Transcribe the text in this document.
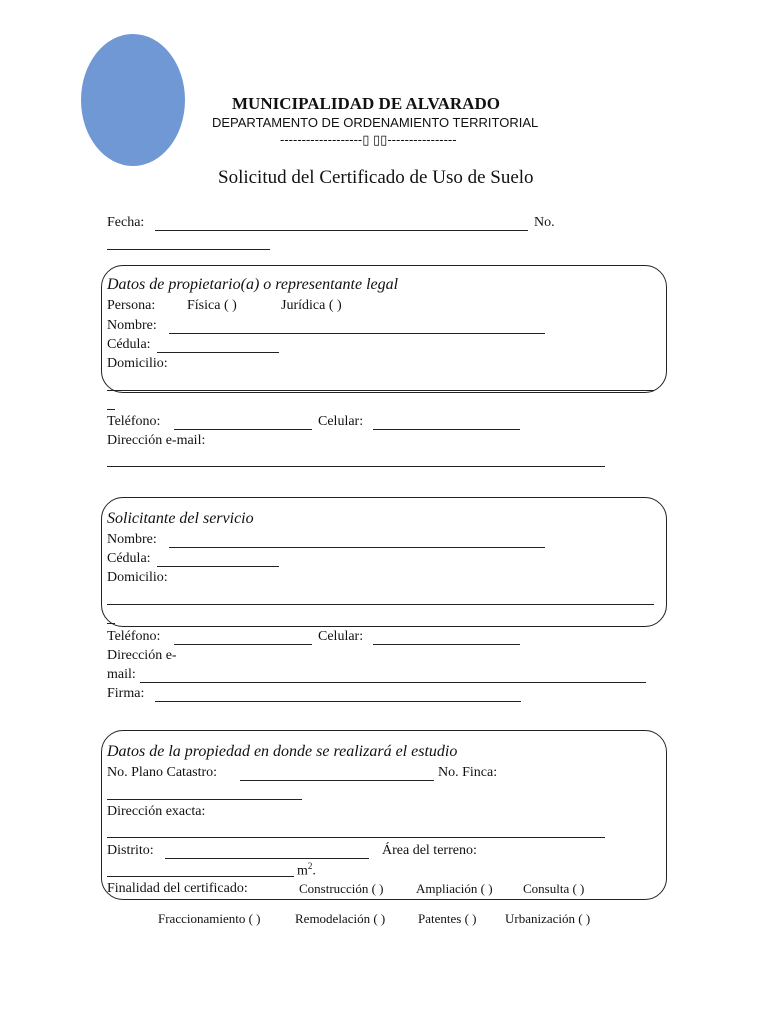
MUNICIPALIDAD DE ALVARADO
DEPARTAMENTO DE ORDENAMIENTO TERRITORIAL
-------------------▯ ▯▯----------------
Solicitud del Certificado de Uso de Suelo
Fecha:	No.
Datos de propietario(a) o representante legal
Persona: Física ( )	Jurídica ( )
Nombre:
Cédula:
Domicilio:
Teléfono:	Celular:
Dirección e-mail:
Solicitante del servicio
Nombre:
Cédula:
Domicilio:
Teléfono:	Celular:
Dirección e-
mail:
Firma:
Datos de la propiedad en donde se realizará el estudio
No. Plano Catastro:	No. Finca:
Dirección exacta:
Distrito:	Área del terreno:
$m^2$.
Finalidad del certificado:	Construcción ( )	Ampliación ( ) Consulta ( )
Fraccionamiento ( )	Remodelación ( )	Patentes ( ) Urbanización ( )
